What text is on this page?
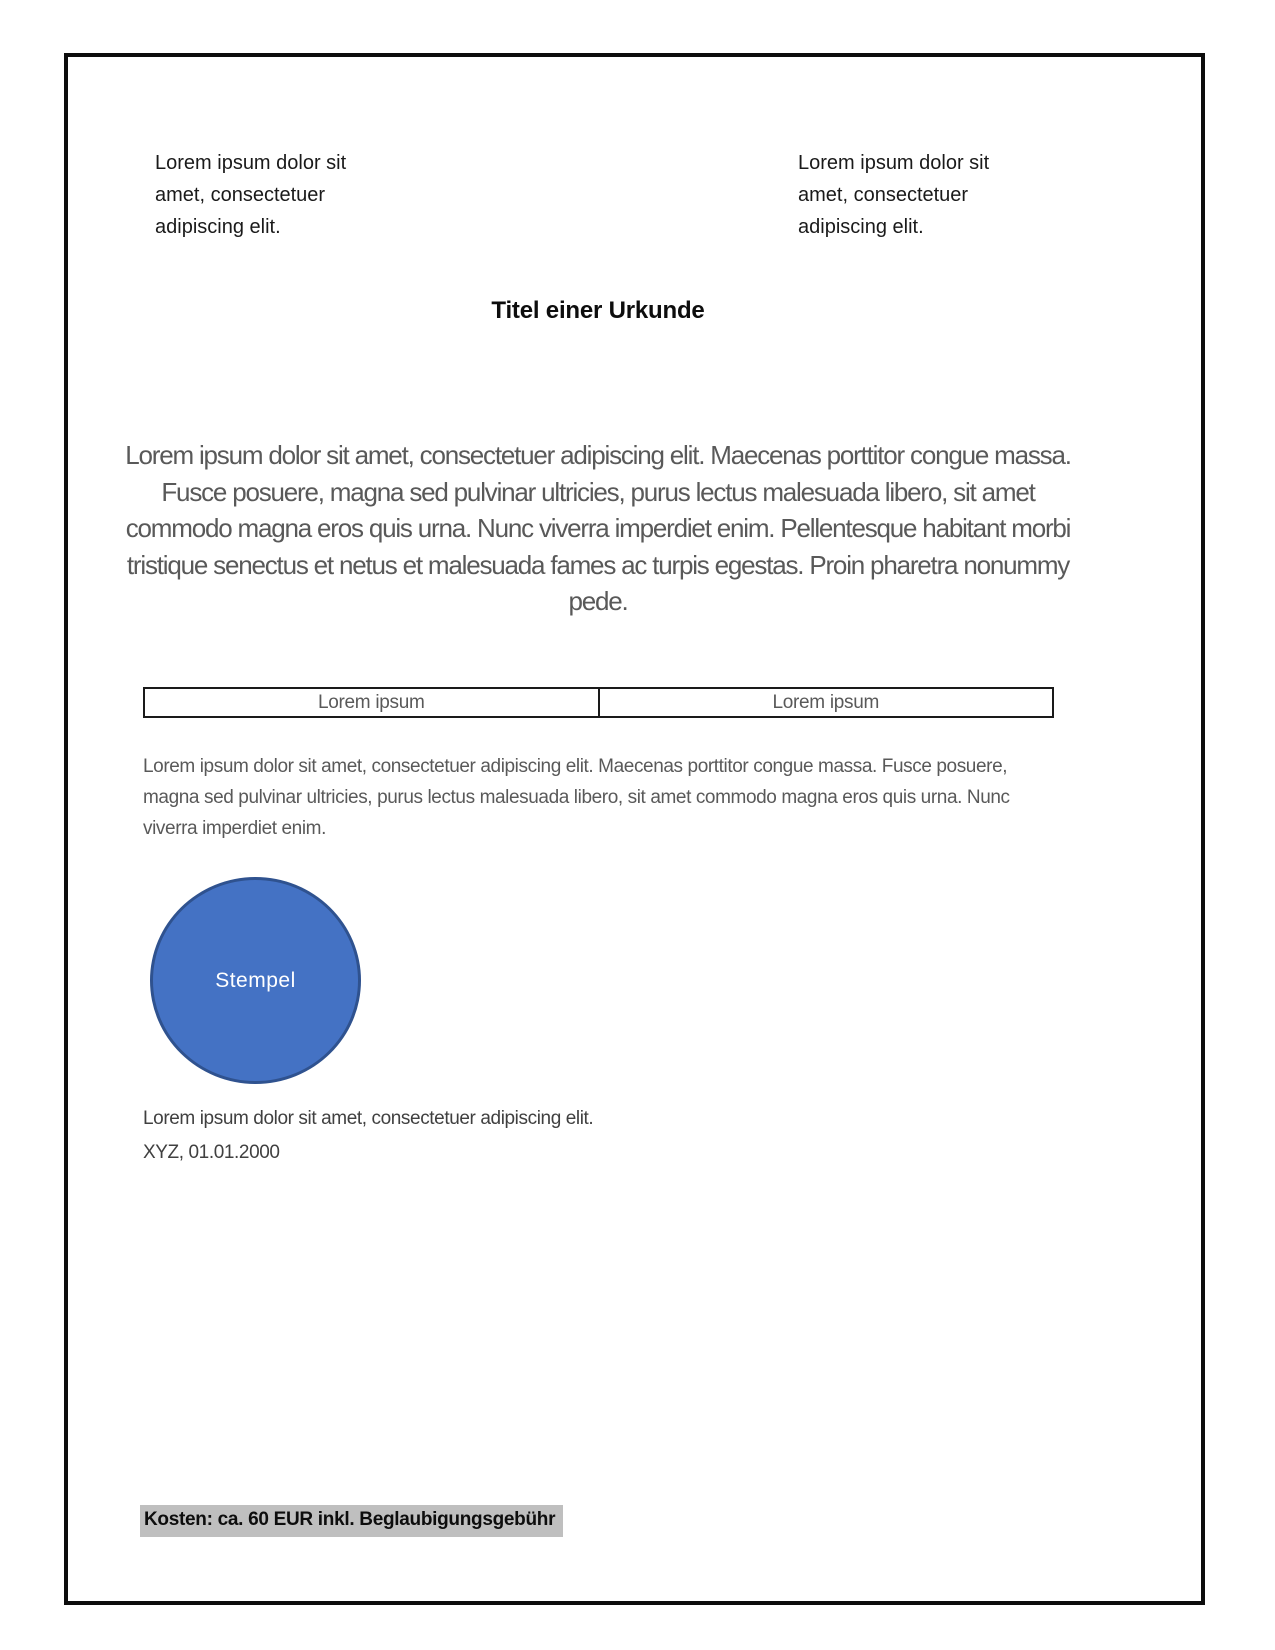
Lorem ipsum dolor sit amet, consectetuer adipiscing elit.
Lorem ipsum dolor sit amet, consectetuer adipiscing elit.
Titel einer Urkunde
Lorem ipsum dolor sit amet, consectetuer adipiscing elit. Maecenas porttitor congue massa. Fusce posuere, magna sed pulvinar ultricies, purus lectus malesuada libero, sit amet commodo magna eros quis urna. Nunc viverra imperdiet enim. Pellentesque habitant morbi tristique senectus et netus et malesuada fames ac turpis egestas. Proin pharetra nonummy pede.
Lorem ipsum	Lorem ipsum
Lorem ipsum dolor sit amet, consectetuer adipiscing elit. Maecenas porttitor congue massa. Fusce posuere, magna sed pulvinar ultricies, purus lectus malesuada libero, sit amet commodo magna eros quis urna. Nunc viverra imperdiet enim.
Stempel
Lorem ipsum dolor sit amet, consectetuer adipiscing elit.
XYZ, 01.01.2000
Kosten: ca. 60 EUR inkl. Beglaubigungsgebühr
